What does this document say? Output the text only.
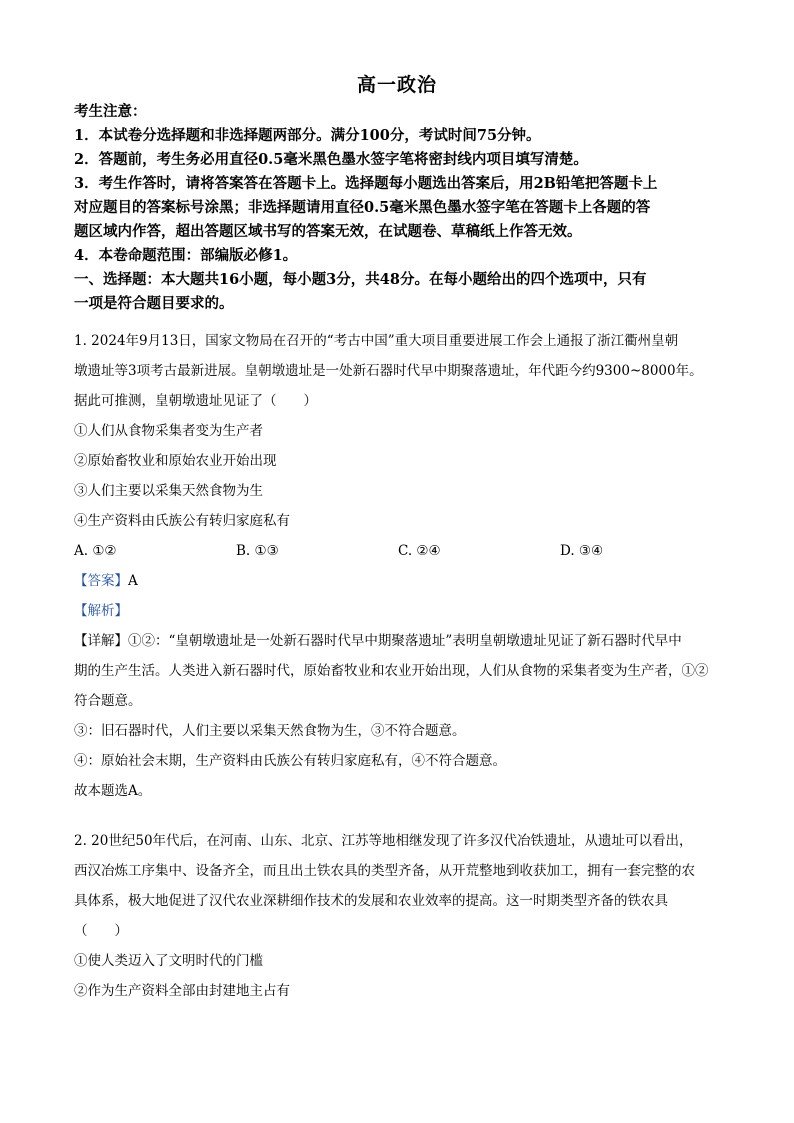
高一政治
考生注意：
1．本试卷分选择题和非选择题两部分。满分100分，考试时间75分钟。
2．答题前，考生务必用直径0.5毫米黑色墨水签字笔将密封线内项目填写清楚。
3．考生作答时，请将答案答在答题卡上。选择题每小题选出答案后，用2B铅笔把答题卡上
对应题目的答案标号涂黑；非选择题请用直径0.5毫米黑色墨水签字笔在答题卡上各题的答
题区域内作答，超出答题区域书写的答案无效，在试题卷、草稿纸上作答无效。
4．本卷命题范围：部编版必修1。
一、选择题：本大题共16小题，每小题3分，共48分。在每小题给出的四个选项中，只有
一项是符合题目要求的。
1. 2024年9月13日，国家文物局在召开的“考古中国”重大项目重要进展工作会上通报了浙江衢州皇朝
墩遗址等3项考古最新进展。皇朝墩遗址是一处新石器时代早中期聚落遗址，年代距今约9300~8000年。
据此可推测，皇朝墩遗址见证了（　　）
①人们从食物采集者变为生产者
②原始畜牧业和原始农业开始出现
③人们主要以采集天然食物为生
④生产资料由氏族公有转归家庭私有
A. ①②	B. ①③	C. ②④	D. ③④
【答案】A
【解析】
【详解】①②：“皇朝墩遗址是一处新石器时代早中期聚落遗址”表明皇朝墩遗址见证了新石器时代早中
期的生产生活。人类进入新石器时代，原始畜牧业和农业开始出现，人们从食物的采集者变为生产者，①②
符合题意。
③：旧石器时代，人们主要以采集天然食物为生，③不符合题意。
④：原始社会末期，生产资料由氏族公有转归家庭私有，④不符合题意。
故本题选A。
2. 20世纪50年代后，在河南、山东、北京、江苏等地相继发现了许多汉代冶铁遗址，从遗址可以看出，
西汉冶炼工序集中、设备齐全，而且出土铁农具的类型齐备，从开荒整地到收获加工，拥有一套完整的农
具体系，极大地促进了汉代农业深耕细作技术的发展和农业效率的提高。这一时期类型齐备的铁农具
（　　）
①使人类迈入了文明时代的门槛
②作为生产资料全部由封建地主占有
